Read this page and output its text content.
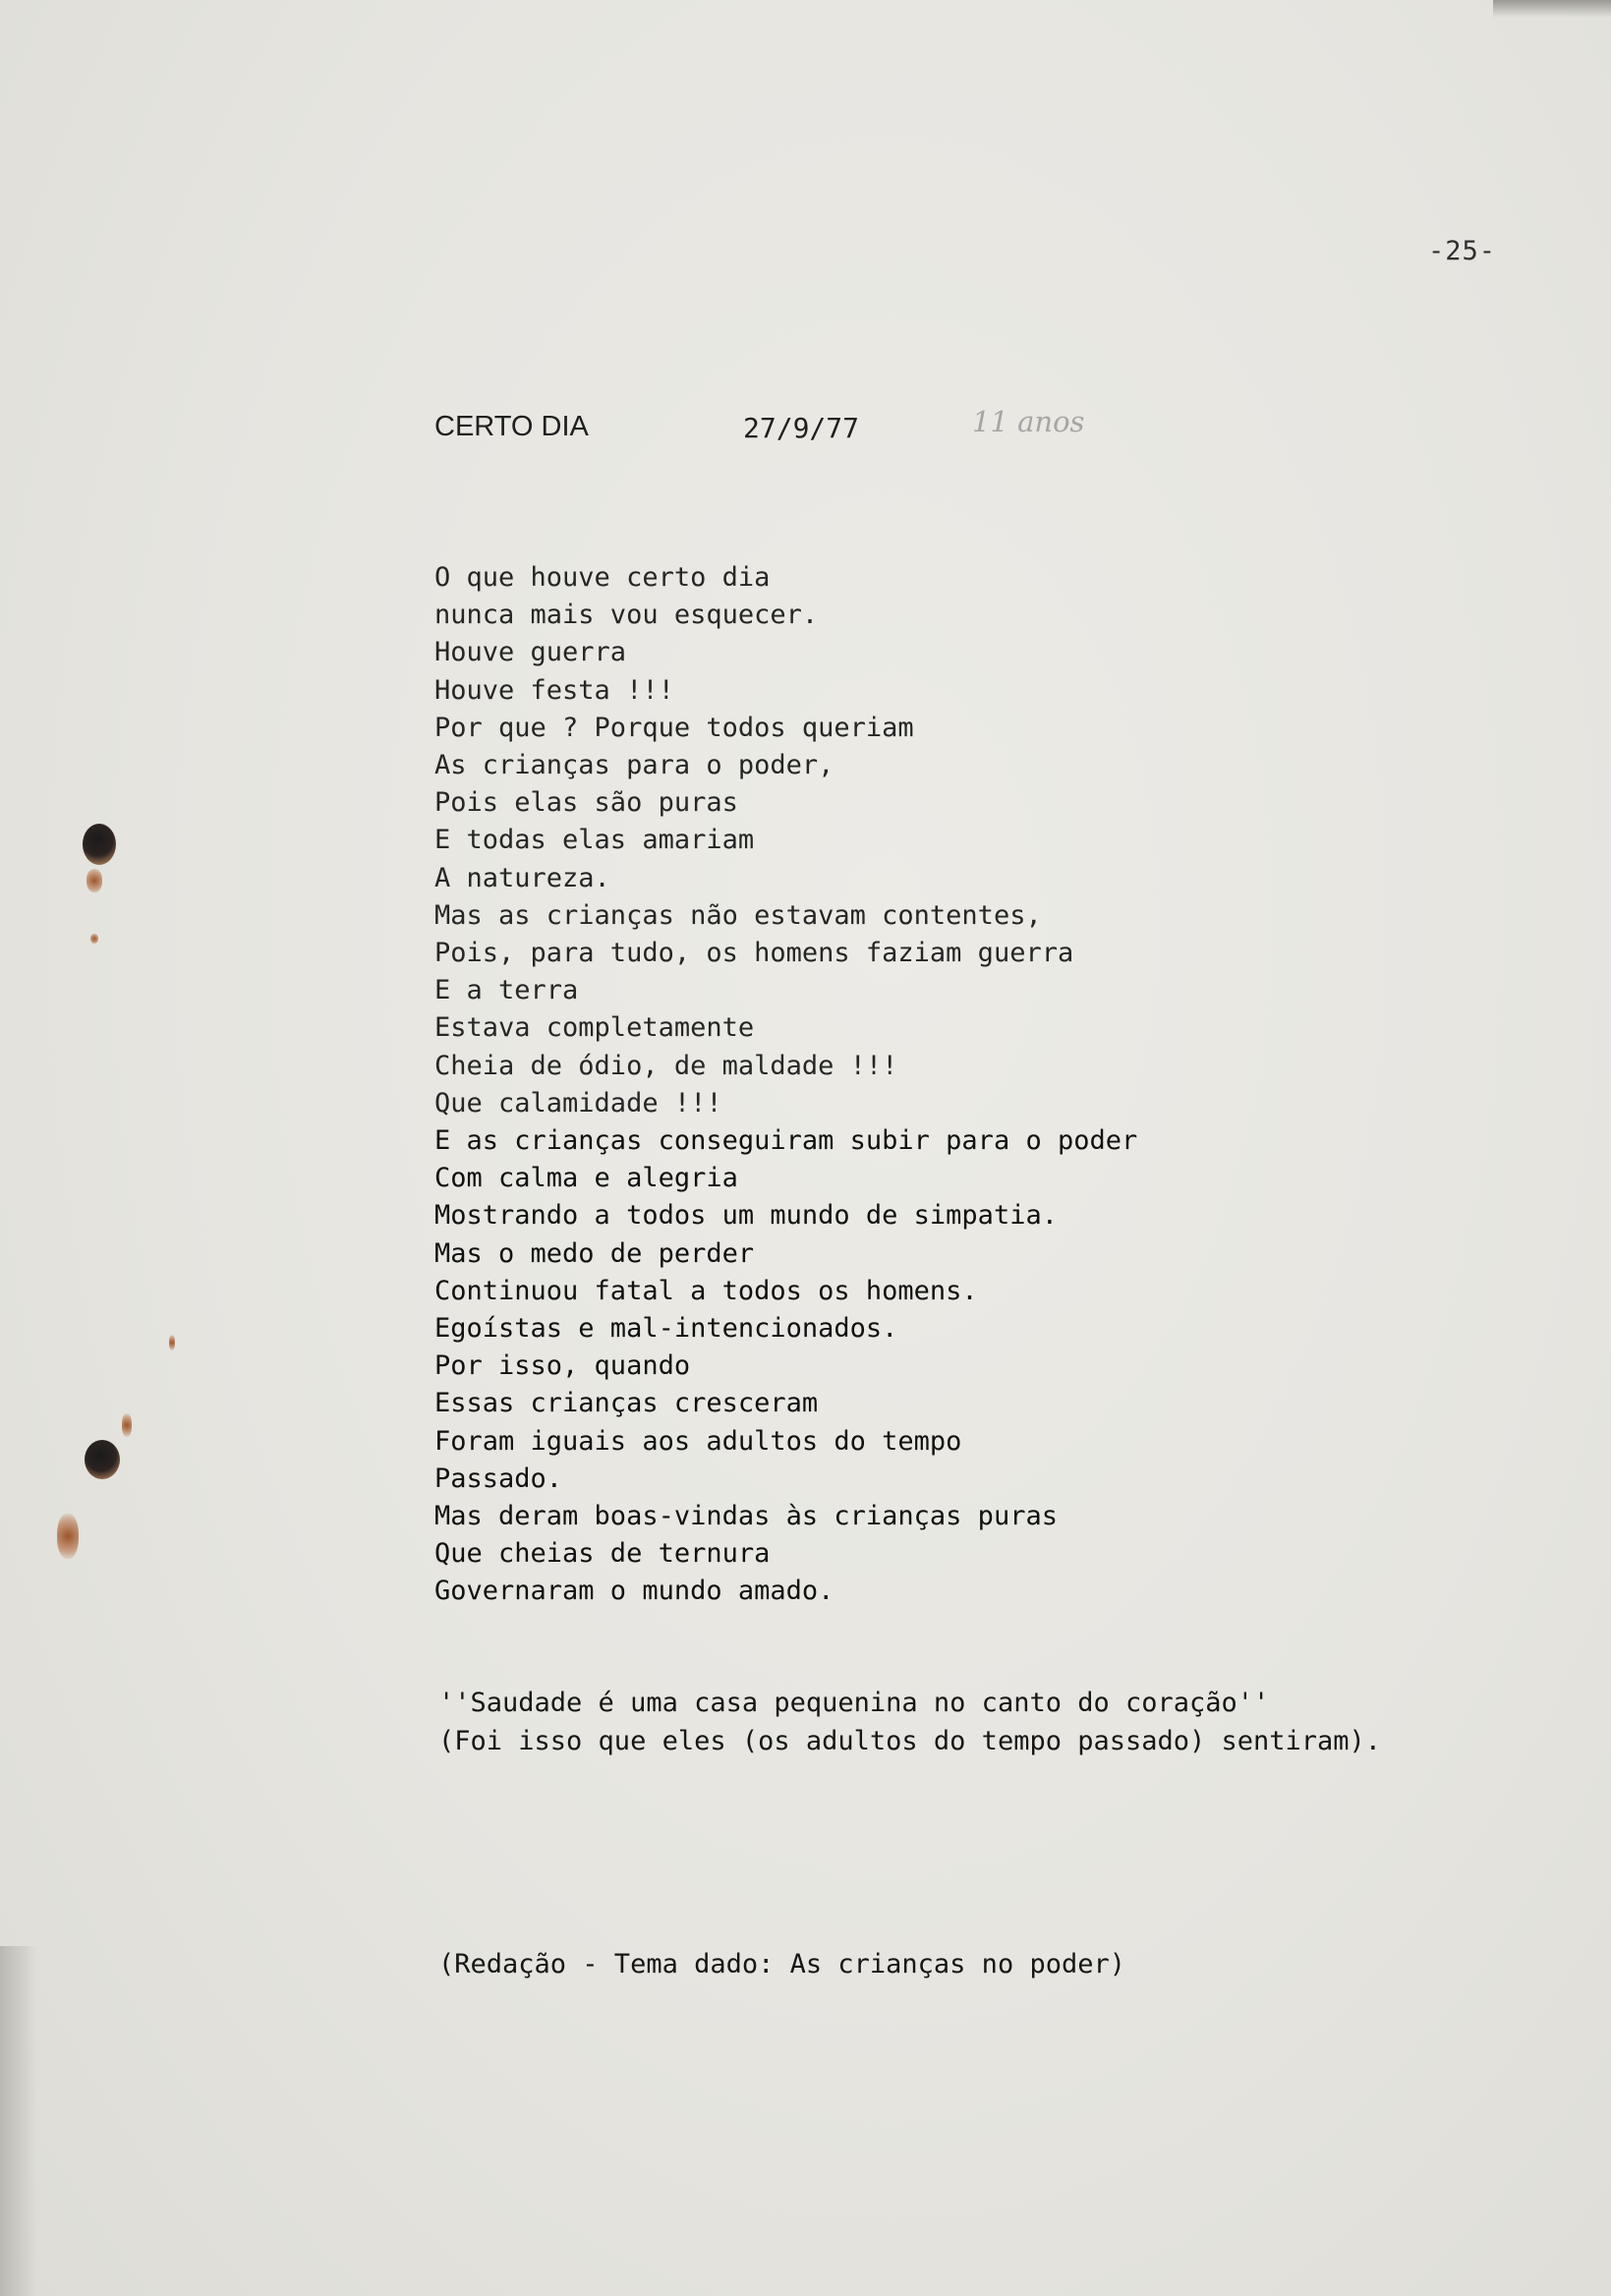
-25-
CERTO DIA	27/9/77	11 anos
O que houve certo dia
nunca mais vou esquecer.
Houve guerra
Houve festa !!!
Por que ? Porque todos queriam
As crianças para o poder,
Pois elas são puras
E todas elas amariam
A natureza.
Mas as crianças não estavam contentes,
Pois, para tudo, os homens faziam guerra
E a terra
Estava completamente
Cheia de ódio, de maldade !!!
Que calamidade !!!
E as crianças conseguiram subir para o poder
Com calma e alegria
Mostrando a todos um mundo de simpatia.
Mas o medo de perder
Continuou fatal a todos os homens.
Egoístas e mal-intencionados.
Por isso, quando
Essas crianças cresceram
Foram iguais aos adultos do tempo
Passado.
Mas deram boas-vindas às crianças puras
Que cheias de ternura
Governaram o mundo amado.
''Saudade é uma casa pequenina no canto do coração''
(Foi isso que eles (os adultos do tempo passado) sentiram).
(Redação - Tema dado: As crianças no poder)
